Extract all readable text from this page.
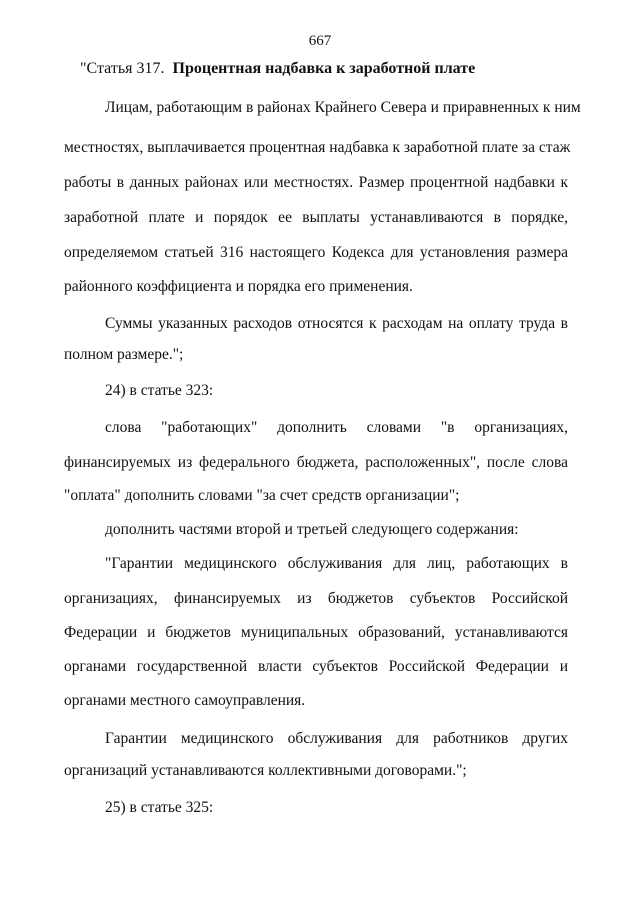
667
"Статья 317. Процентная надбавка к заработной плате
Лицам, работающим в районах Крайнего Севера и приравненных к ним
местностях, выплачивается процентная надбавка к заработной плате за стаж
работы в данных районах или местностях. Размер процентной надбавки к
заработной плате и порядок ее выплаты устанавливаются в порядке,
определяемом статьей 316 настоящего Кодекса для установления размера
районного коэффициента и порядка его применения.
Суммы указанных расходов относятся к расходам на оплату труда в
полном размере.";
24) в статье 323:
слова "работающих" дополнить словами "в организациях,
финансируемых из федерального бюджета, расположенных", после слова
"оплата" дополнить словами "за счет средств организации";
дополнить частями второй и третьей следующего содержания:
"Гарантии медицинского обслуживания для лиц, работающих в
организациях, финансируемых из бюджетов субъектов Российской
Федерации и бюджетов муниципальных образований, устанавливаются
органами государственной власти субъектов Российской Федерации и
органами местного самоуправления.
Гарантии медицинского обслуживания для работников других
организаций устанавливаются коллективными договорами.";
25) в статье 325:
